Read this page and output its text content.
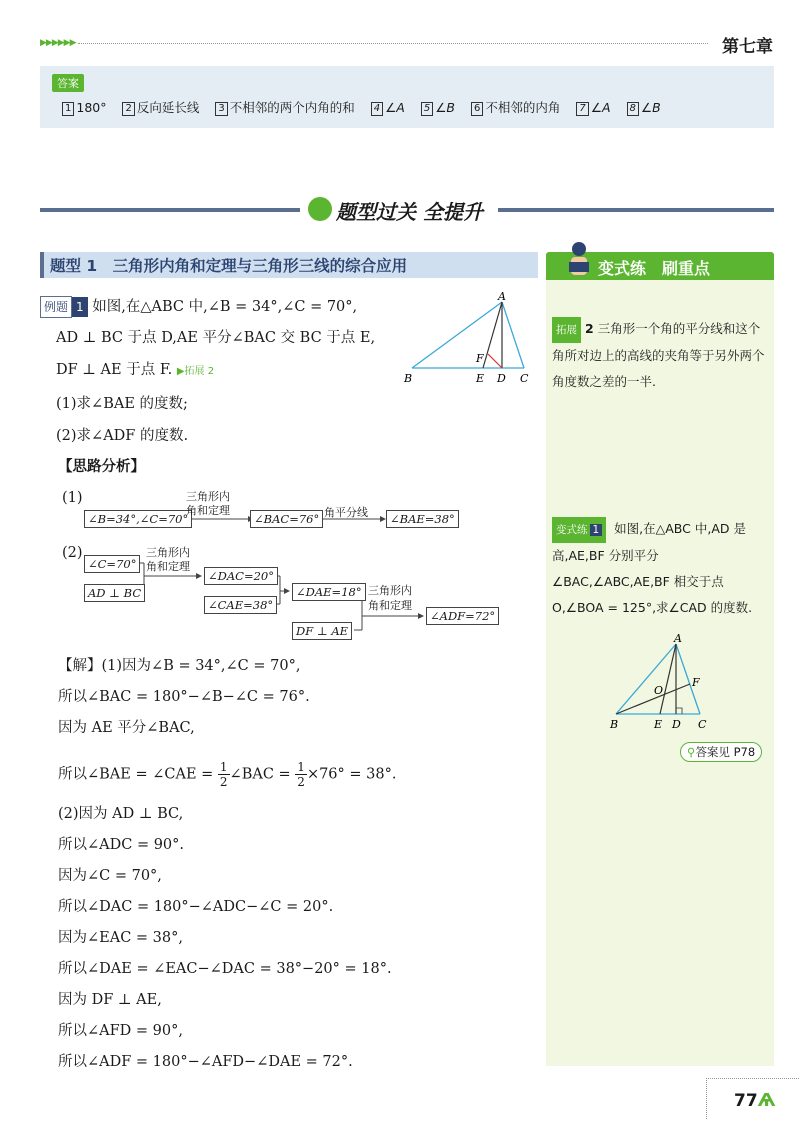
▶▶▶▶▶▶	第七章
答案
1 180° 2 反向延长线 3 不相邻的两个内角的和 4 ∠A 5 ∠B 6 不相邻的内角 7 ∠A 8 ∠B
题型过关 全提升
题型 1　三角形内角和定理与三角形三线的综合应用
例题 1 如图,在△ABC 中,∠B = 34°,∠C = 70°,
AD ⊥ BC 于点 D,AE 平分∠BAC 交 BC 于点 E,
DF ⊥ AE 于点 F. ▶拓展 2
(1)求∠BAE 的度数;
(2)求∠ADF 的度数.
A
B	E D C
F
【思路分析】
(1)
∠B=34°,∠C=70°
三角形内
角和定理
∠BAC=76° 角平分线	∠BAE=38°
(2)
∠C=70°
AD ⊥ BC
三角形内
角和定理
∠DAC=20°
∠CAE=38°
∠DAE=18°
DF ⊥ AE
三角形内
角和定理
∠ADF=72°
【解】(1)因为∠B = 34°,∠C = 70°,
所以∠BAC = 180°−∠B−∠C = 76°.
因为 AE 平分∠BAC,
所以∠BAE = ∠CAE = $\frac{1}{2}$ ∠BAC = $\frac{1}{2} \times 76^\circ = 38^\circ$.
(2)因为 AD ⊥ BC,
所以∠ADC = 90°.
因为∠C = 70°,
所以∠DAC = 180°−∠ADC−∠C = 20°.
因为∠EAC = 38°,
所以∠DAE = ∠EAC−∠DAC = 38°−20° = 18°.
因为 DF ⊥ AE,
所以∠AFD = 90°,
所以∠ADF = 180°−∠AFD−∠DAE = 72°.
变式练　刷重点
拓展 2 三角形一个角的平分线和这个角所对边上的高线的夹角等于另外两个角度数之差的一半.
变式练 1 如图,在△ABC 中,AD 是高,AE,BF 分别平分∠BAC,∠ABC,AE,BF 相交于点 O,∠BOA = 125°,求∠CAD 的度数.
A
B	E D C
F
O
⚲答案见 P78
77Ѧ
